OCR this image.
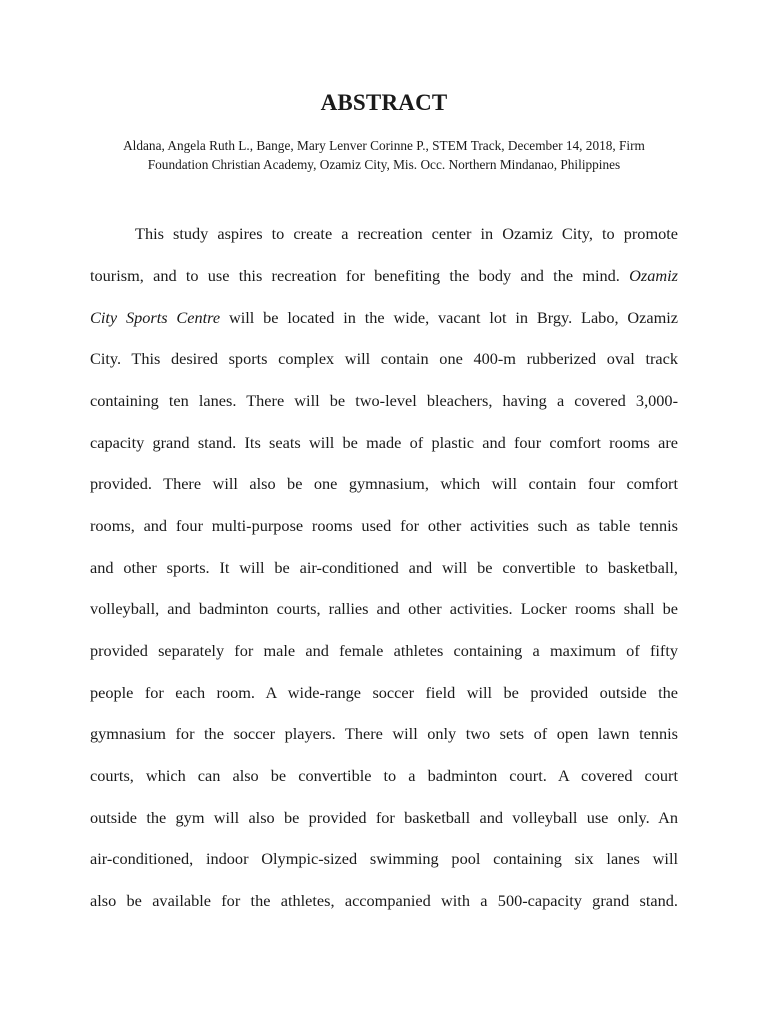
ABSTRACT
Aldana, Angela Ruth L., Bange, Mary Lenver Corinne P., STEM Track, December 14, 2018, Firm
Foundation Christian Academy, Ozamiz City, Mis. Occ. Northern Mindanao, Philippines
This study aspires to create a recreation center in Ozamiz City, to promote
tourism, and to use this recreation for benefiting the body and the mind. Ozamiz
City Sports Centre will be located in the wide, vacant lot in Brgy. Labo, Ozamiz
City. This desired sports complex will contain one 400-m rubberized oval track
containing ten lanes. There will be two-level bleachers, having a covered 3,000-
capacity grand stand. Its seats will be made of plastic and four comfort rooms are
provided. There will also be one gymnasium, which will contain four comfort
rooms, and four multi-purpose rooms used for other activities such as table tennis
and other sports. It will be air-conditioned and will be convertible to basketball,
volleyball, and badminton courts, rallies and other activities. Locker rooms shall be
provided separately for male and female athletes containing a maximum of fifty
people for each room. A wide-range soccer field will be provided outside the
gymnasium for the soccer players. There will only two sets of open lawn tennis
courts, which can also be convertible to a badminton court. A covered court
outside the gym will also be provided for basketball and volleyball use only. An
air-conditioned, indoor Olympic-sized swimming pool containing six lanes will
also be available for the athletes, accompanied with a 500-capacity grand stand.
